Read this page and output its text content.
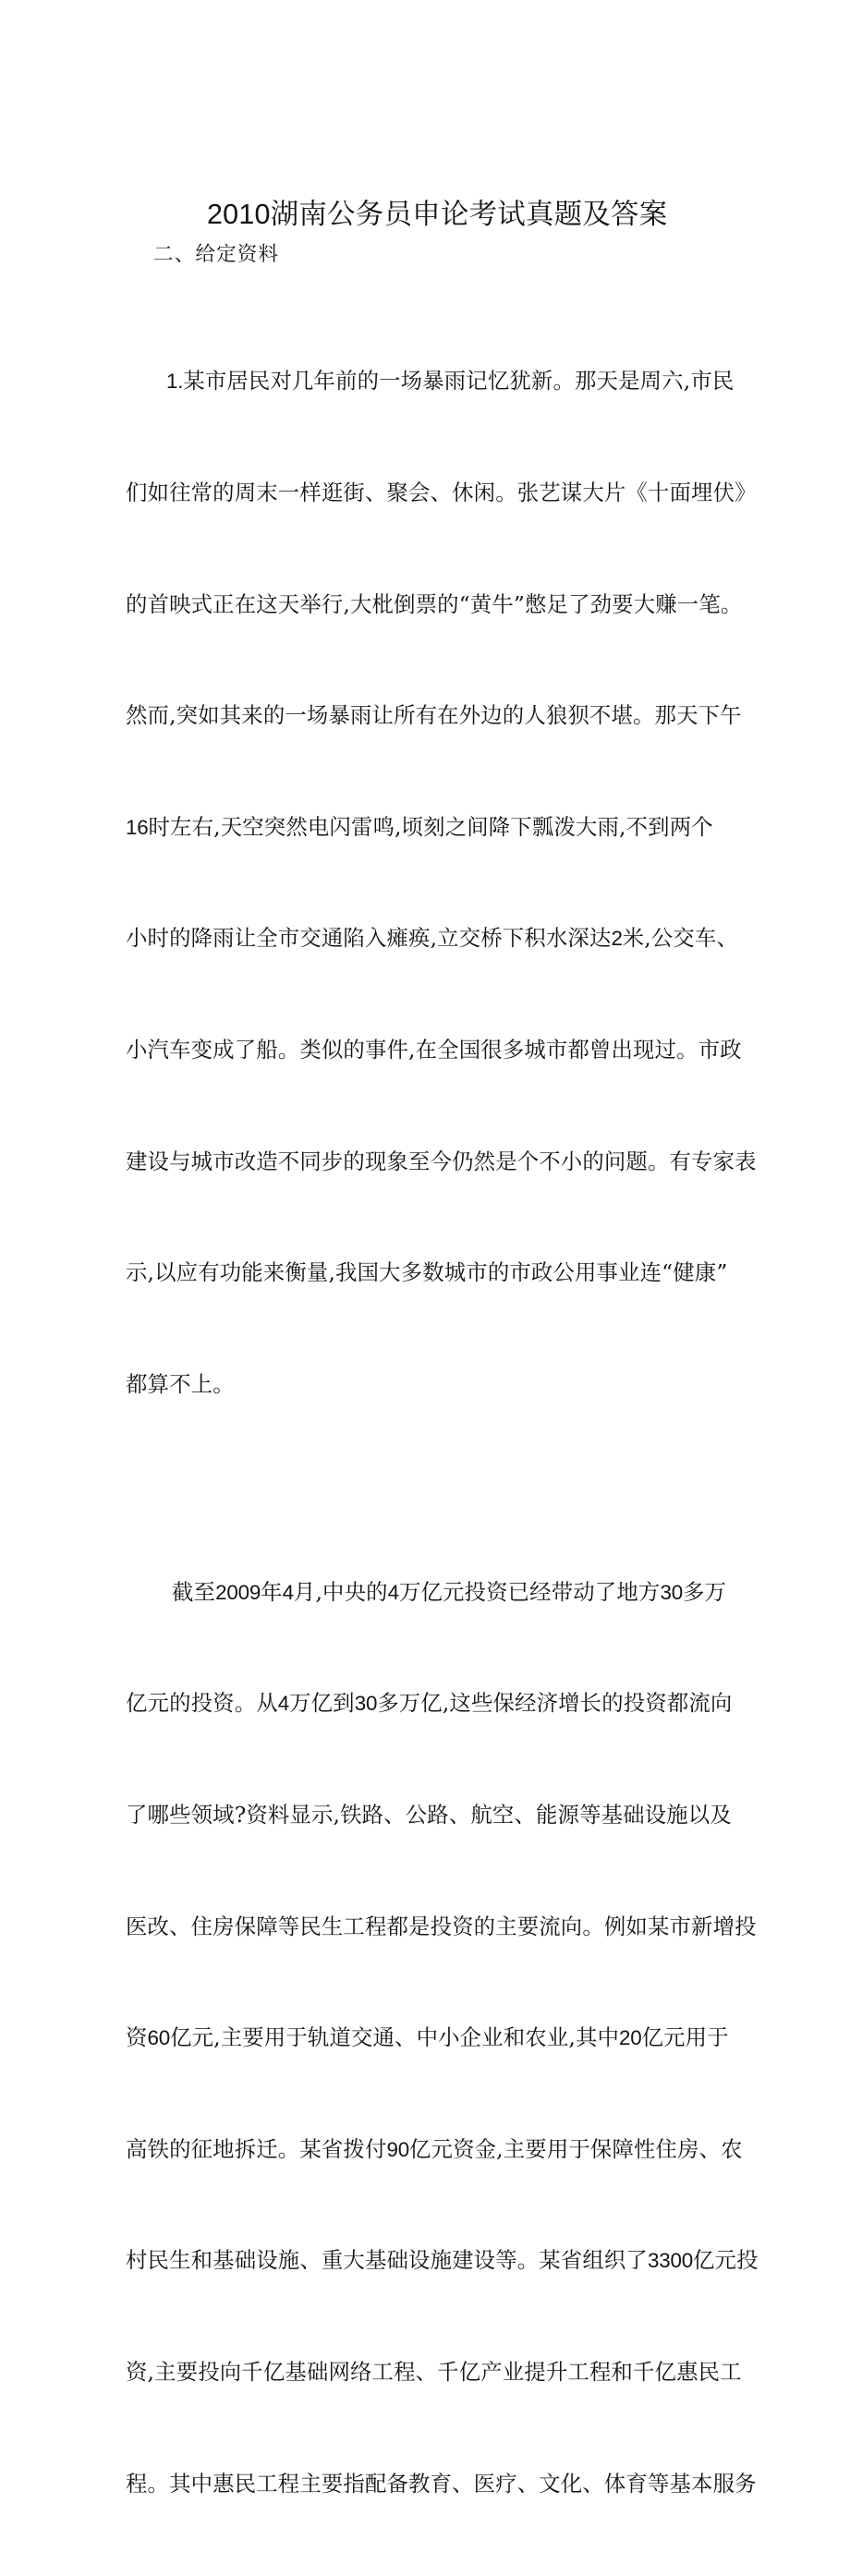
2010湖南公务员申论考试真题及答案
二、给定资料

1.某市居民对几年前的一场暴雨记忆犹新。那天是周六,市民

们如往常的周末一样逛街、聚会、休闲。张艺谋大片《十面埋伏》

的首映式正在这天举行,大枇倒票的“黄牛”憋足了劲要大赚一笔。

然而,突如其来的一场暴雨让所有在外边的人狼狈不堪。那天下午

16时左右,天空突然电闪雷鸣,顷刻之间降下瓢泼大雨,不到两个

小时的降雨让全市交通陷入瘫痪,立交桥下积水深达2米,公交车、

小汽车变成了船。类似的事件,在全国很多城市都曾出现过。市政

建设与城市改造不同步的现象至今仍然是个不小的问题。有专家表

示,以应有功能来衡量,我国大多数城市的市政公用事业连“健康”

都算不上。

截至2009年4月,中央的4万亿元投资已经带动了地方30多万

亿元的投资。从4万亿到30多万亿,这些保经济增长的投资都流向

了哪些领域?资料显示,铁路、公路、航空、能源等基础设施以及

医改、住房保障等民生工程都是投资的主要流向。例如某市新增投

资60亿元,主要用于轨道交通、中小企业和农业,其中20亿元用于

高铁的征地拆迁。某省拨付90亿元资金,主要用于保障性住房、农

村民生和基础设施、重大基础设施建设等。某省组织了3300亿元投

资,主要投向千亿基础网络工程、千亿产业提升工程和千亿惠民工

程。其中惠民工程主要指配备教育、医疗、文化、体育等基本服务
